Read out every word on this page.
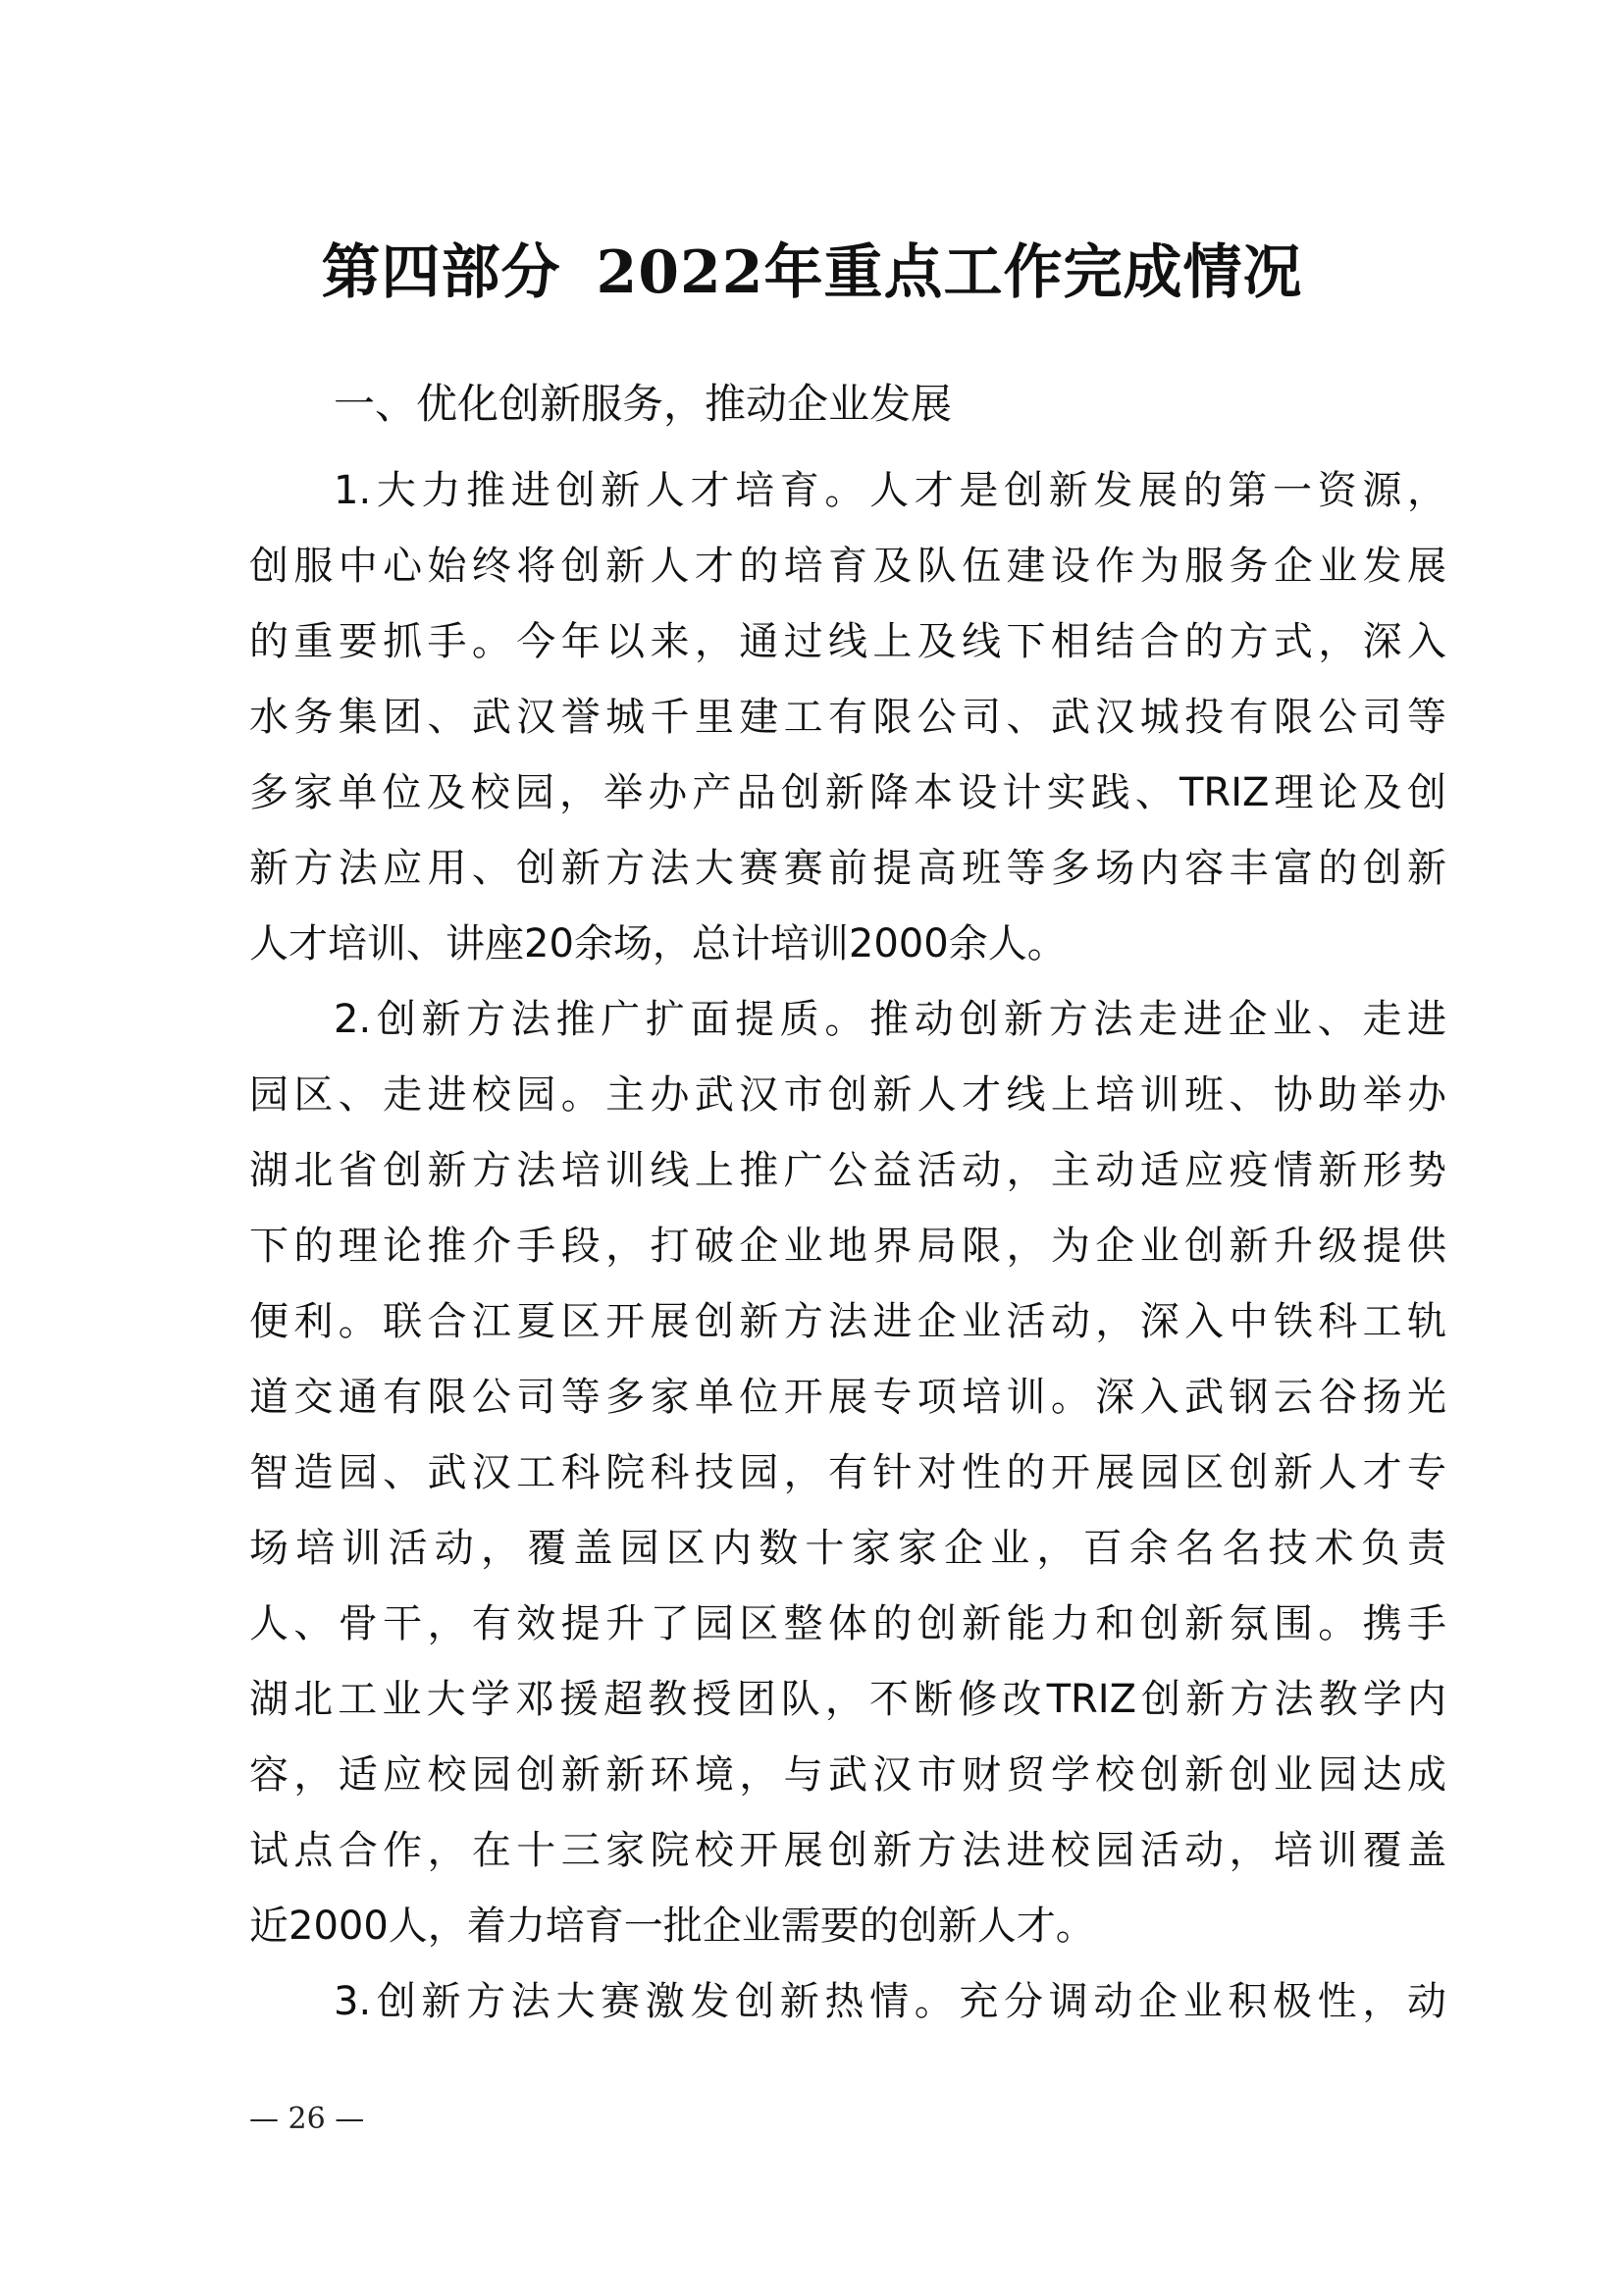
第四部分 2022年重点工作完成情况
一、优化创新服务，推动企业发展
1.大力推进创新人才培育。人才是创新发展的第一资源，
创服中心始终将创新人才的培育及队伍建设作为服务企业发展
的重要抓手。今年以来，通过线上及线下相结合的方式，深入
水务集团、武汉誉城千里建工有限公司、武汉城投有限公司等
多家单位及校园，举办产品创新降本设计实践、TRIZ理论及创
新方法应用、创新方法大赛赛前提高班等多场内容丰富的创新
人才培训、讲座20余场，总计培训2000余人。
2.创新方法推广扩面提质。推动创新方法走进企业、走进
园区、走进校园。主办武汉市创新人才线上培训班、协助举办
湖北省创新方法培训线上推广公益活动，主动适应疫情新形势
下的理论推介手段，打破企业地界局限，为企业创新升级提供
便利。联合江夏区开展创新方法进企业活动，深入中铁科工轨
道交通有限公司等多家单位开展专项培训。深入武钢云谷扬光
智造园、武汉工科院科技园，有针对性的开展园区创新人才专
场培训活动，覆盖园区内数十家家企业，百余名名技术负责
人、骨干，有效提升了园区整体的创新能力和创新氛围。携手
湖北工业大学邓援超教授团队，不断修改TRIZ创新方法教学内
容，适应校园创新新环境，与武汉市财贸学校创新创业园达成
试点合作，在十三家院校开展创新方法进校园活动，培训覆盖
近2000人，着力培育一批企业需要的创新人才。
3.创新方法大赛激发创新热情。充分调动企业积极性，动
— 26 —
